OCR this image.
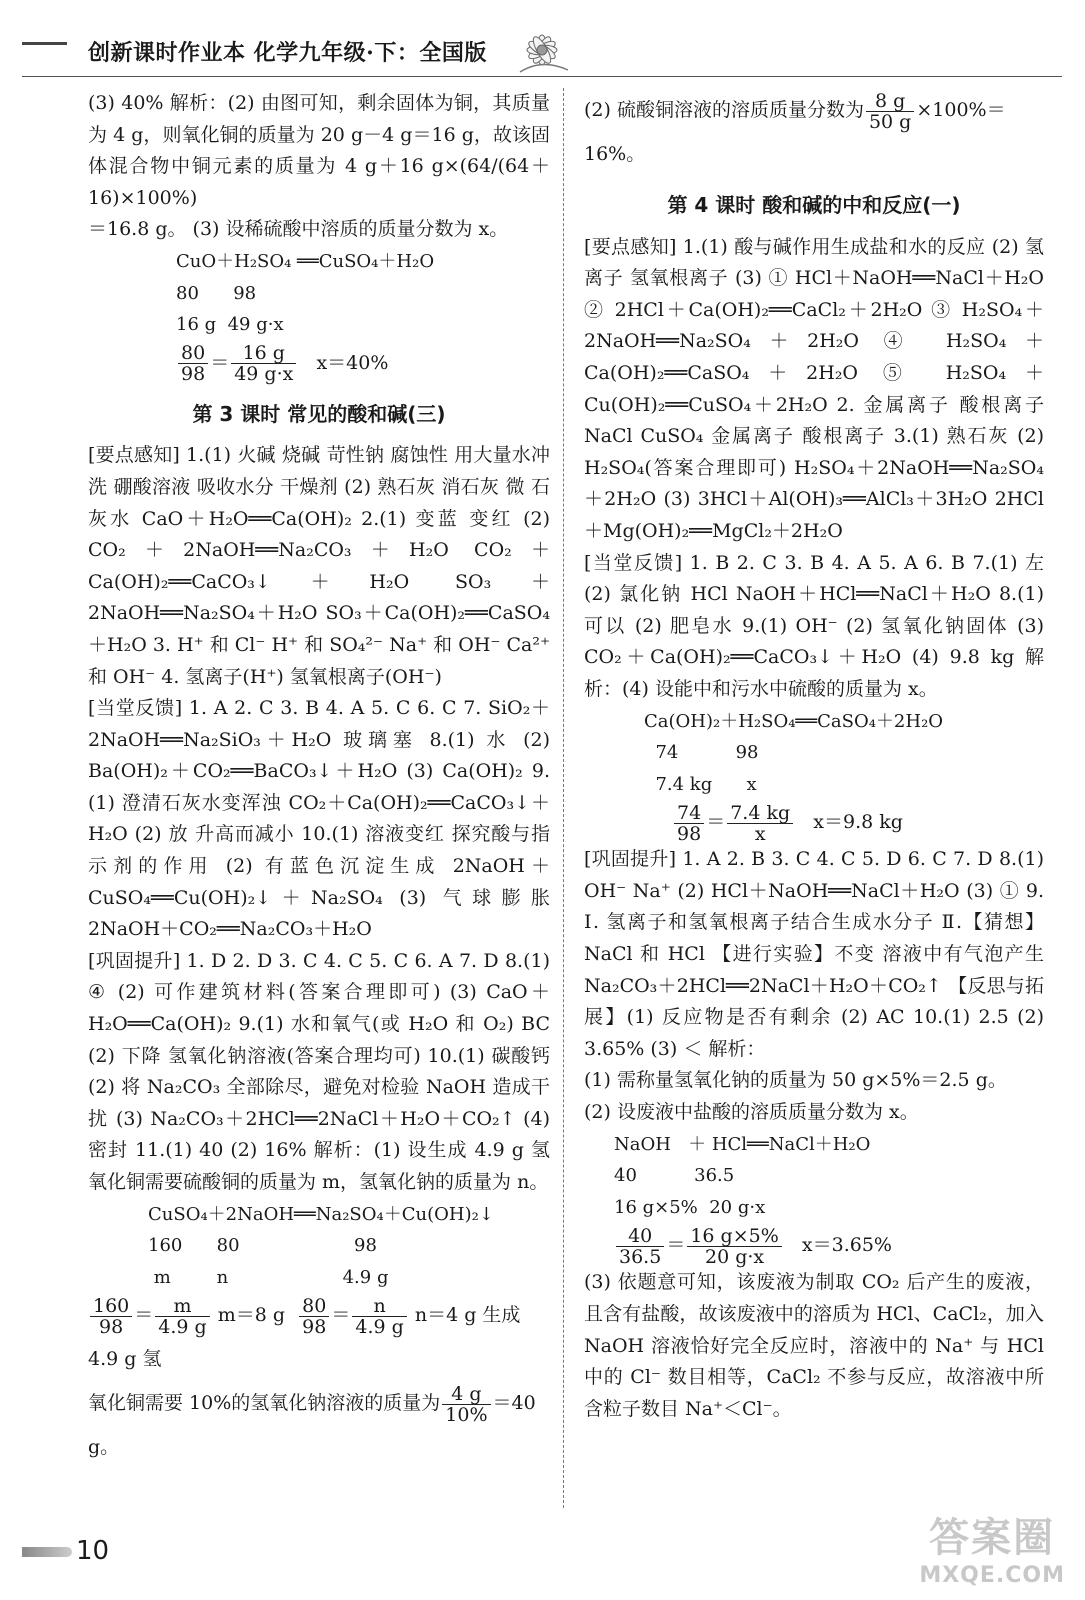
创新课时作业本 化学九年级·下：全国版

(3) 40% 解析：(2) 由图可知，剩余固体为铜，其质量为 4 g，则氧化铜的质量为 20 g－4 g＝16 g，故该固体混合物中铜元素的质量为 4 g＋16 g×(64/(64＋16)×100%)

＝16.8 g。 (3) 设稀硫酸中溶质的质量分数为 x。

CuO＋H₂SO₄ ══CuSO₄＋H₂O
80      98
16 g  49 g·x
$\frac{80}{98} = \frac{16 g}{49 g\cdot x} x=40\%$
第 3 课时 常见的酸和碱(三)

[要点感知] 1.(1) 火碱 烧碱 苛性钠 腐蚀性 用大量水冲洗 硼酸溶液 吸收水分 干燥剂 (2) 熟石灰 消石灰 微 石灰水 CaO＋H₂O══Ca(OH)₂ 2.(1) 变蓝 变红 (2) CO₂＋2NaOH══Na₂CO₃＋H₂O CO₂＋Ca(OH)₂══CaCO₃↓＋H₂O SO₃＋2NaOH══Na₂SO₄＋H₂O SO₃＋Ca(OH)₂══CaSO₄＋H₂O 3. H⁺ 和 Cl⁻ H⁺ 和 SO₄²⁻ Na⁺ 和 OH⁻ Ca²⁺ 和 OH⁻ 4. 氢离子(H⁺) 氢氧根离子(OH⁻)

[当堂反馈] 1. A 2. C 3. B 4. A 5. C 6. C 7. SiO₂＋2NaOH══Na₂SiO₃＋H₂O 玻璃塞 8.(1) 水 (2) Ba(OH)₂＋CO₂══BaCO₃↓＋H₂O (3) Ca(OH)₂ 9.(1) 澄清石灰水变浑浊 CO₂＋Ca(OH)₂══CaCO₃↓＋H₂O (2) 放 升高而减小 10.(1) 溶液变红 探究酸与指示剂的作用 (2) 有蓝色沉淀生成 2NaOH＋CuSO₄══Cu(OH)₂↓＋Na₂SO₄ (3) 气球膨胀 2NaOH＋CO₂══Na₂CO₃＋H₂O

[巩固提升] 1. D 2. D 3. C 4. C 5. C 6. A 7. D 8.(1) ④ (2) 可作建筑材料(答案合理即可) (3) CaO＋H₂O══Ca(OH)₂ 9.(1) 水和氧气(或 H₂O 和 O₂) BC (2) 下降 氢氧化钠溶液(答案合理均可) 10.(1) 碳酸钙 (2) 将 Na₂CO₃ 全部除尽，避免对检验 NaOH 造成干扰 (3) Na₂CO₃＋2HCl══2NaCl＋H₂O＋CO₂↑ (4) 密封 11.(1) 40 (2) 16% 解析：(1) 设生成 4.9 g 氢氧化铜需要硫酸铜的质量为 m，氢氧化钠的质量为 n。

CuSO₄＋2NaOH══Na₂SO₄＋Cu(OH)₂↓
160      80                    98
m        n                    4.9 g
$\frac{160}{98} = \frac{m}{4.9 g} m=8$ g $\frac{80}{98} = \frac{n}{4.9 g} n=4$ g 生成 4.9 g 氢
氧化铜需要 10%的氢氧化钠溶液的质量为 $\frac{4 g}{10\%} =40$ g。
(2) 硫酸铜溶液的溶质质量分数为 $\frac{8 g}{50 g} \times 100\%=16\%$。
第 4 课时 酸和碱的中和反应(一)

[要点感知] 1.(1) 酸与碱作用生成盐和水的反应 (2) 氢离子 氢氧根离子 (3) ① HCl＋NaOH══NaCl＋H₂O ② 2HCl＋Ca(OH)₂══CaCl₂＋2H₂O ③ H₂SO₄＋2NaOH══Na₂SO₄＋2H₂O ④ H₂SO₄＋Ca(OH)₂══CaSO₄＋2H₂O ⑤ H₂SO₄＋Cu(OH)₂══CuSO₄＋2H₂O 2. 金属离子 酸根离子 NaCl CuSO₄ 金属离子 酸根离子 3.(1) 熟石灰 (2) H₂SO₄(答案合理即可) H₂SO₄＋2NaOH══Na₂SO₄＋2H₂O (3) 3HCl＋Al(OH)₃══AlCl₃＋3H₂O 2HCl＋Mg(OH)₂══MgCl₂＋2H₂O

[当堂反馈] 1. B 2. C 3. B 4. A 5. A 6. B 7.(1) 左 (2) 氯化钠 HCl NaOH＋HCl══NaCl＋H₂O 8.(1) 可以 (2) 肥皂水 9.(1) OH⁻ (2) 氢氧化钠固体 (3) CO₂＋Ca(OH)₂══CaCO₃↓＋H₂O (4) 9.8 kg 解析：(4) 设能中和污水中硫酸的质量为 x。

Ca(OH)₂＋H₂SO₄══CaSO₄＋2H₂O
74          98
7.4 kg      x
$\frac{74}{98} = \frac{7.4 kg}{x} x=9.8$ kg

[巩固提升] 1. A 2. B 3. C 4. C 5. D 6. C 7. D 8.(1) OH⁻ Na⁺ (2) HCl＋NaOH══NaCl＋H₂O (3) ① 9. Ⅰ. 氢离子和氢氧根离子结合生成水分子 Ⅱ.【猜想】NaCl 和 HCl 【进行实验】不变 溶液中有气泡产生 Na₂CO₃＋2HCl══2NaCl＋H₂O＋CO₂↑ 【反思与拓展】(1) 反应物是否有剩余 (2) AC 10.(1) 2.5 (2) 3.65% (3) ＜ 解析：

(1) 需称量氢氧化钠的质量为 50 g×5%＝2.5 g。

(2) 设废液中盐酸的溶质质量分数为 x。

NaOH   ＋ HCl══NaCl＋H₂O
40          36.5
16 g×5%  20 g·x
$\frac{40}{36.5} = \frac{16 g\times 5\%}{20 g\cdot x} x=3.65\%$

(3) 依题意可知，该废液为制取 CO₂ 后产生的废液，且含有盐酸，故该废液中的溶质为 HCl、CaCl₂，加入 NaOH 溶液恰好完全反应时，溶液中的 Na⁺ 与 HCl 中的 Cl⁻ 数目相等，CaCl₂ 不参与反应，故溶液中所含粒子数目 Na⁺＜Cl⁻。

10	答案圈
MXQE.COM
